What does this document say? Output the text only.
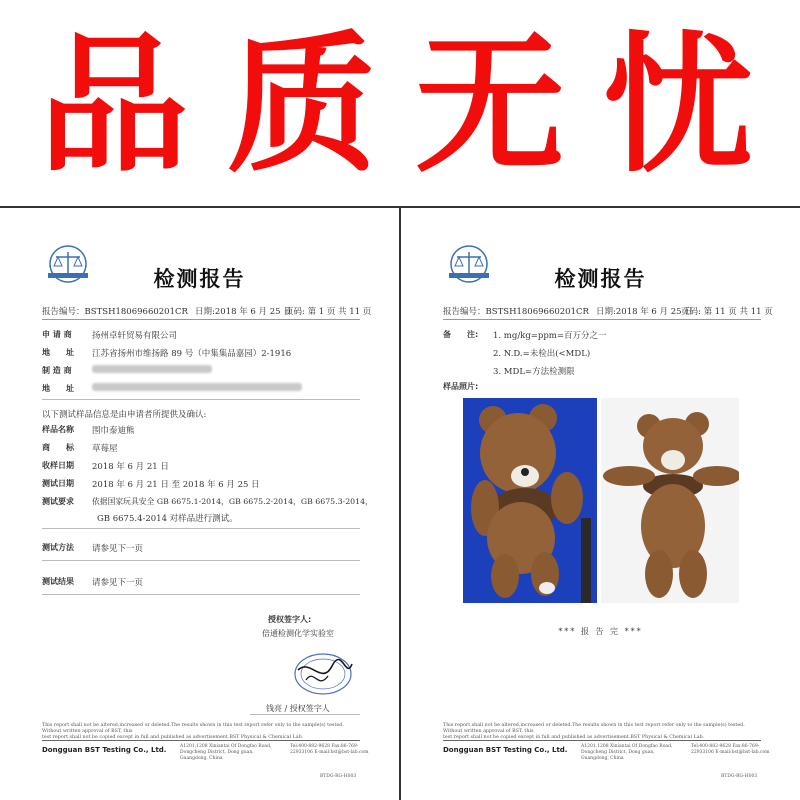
品质无忧
检测报告
报告编号：BSTSH18069660201CR 日期:2018 年 6 月 25 日
页码: 第 1 页 共 11 页
申 请 商	扬州卓轩贸易有限公司
地　　址	江苏省扬州市维扬路 89 号（中集集品嘉园）2-1916
制 造 商
地　　址
以下测试样品信息是由申请者所提供及确认:
样品名称	围巾泰迪熊
商　　标	草莓屋
收样日期	2018 年 6 月 21 日
测试日期	2018 年 6 月 21 日 至 2018 年 6 月 25 日
测试要求	依据国家玩具安全 GB 6675.1-2014，GB 6675.2-2014，GB 6675.3-2014，
GB 6675.4-2014 对样品进行测试。
测试方法	请参见下一页
测试结果	请参见下一页
授权签字人:
倍通检测化学实验室
钱亮 / 授权签字人
This report shall not be altered,increased or deleted.The results shown in this test report refer only to the sample(s) tested. Without written approval of BST, this
test report shall not be copied except in full and published as advertisement.BST Physical & Chemical Lab.
Dongguan BST Testing Co., Ltd.	A1201,1208 Xiniantai Of Dongfao Road, Dongcheng District, Dong guan, Guangdong, China
Tel:400-882-9628 Fax:86-769-22933106 E-mail:bst@bst-lab.com
BTDG-RG-H003
检测报告
报告编号：BSTSH18069660201CR 日期:2018 年 6 月 25 日
页码: 第 11 页 共 11 页
备　　注:	1. mg/kg=ppm=百万分之一
2. N.D.=未检出(<MDL)
3. MDL=方法检测限
样品照片:
*** 报 告 完 ***
This report shall not be altered,increased or deleted.The results shown in this test report refer only to the sample(s) tested. Without written approval of BST, this
test report shall not be copied except in full and published as advertisement.BST Physical & Chemical Lab.
Dongguan BST Testing Co., Ltd.	A1201,1208 Xiniantai Of Dongfao Road, Dongcheng District, Dong guan, Guangdong, China
Tel:400-882-9628 Fax:86-769-22933106 E-mail:bst@bst-lab.com
BTDG-RG-H003
